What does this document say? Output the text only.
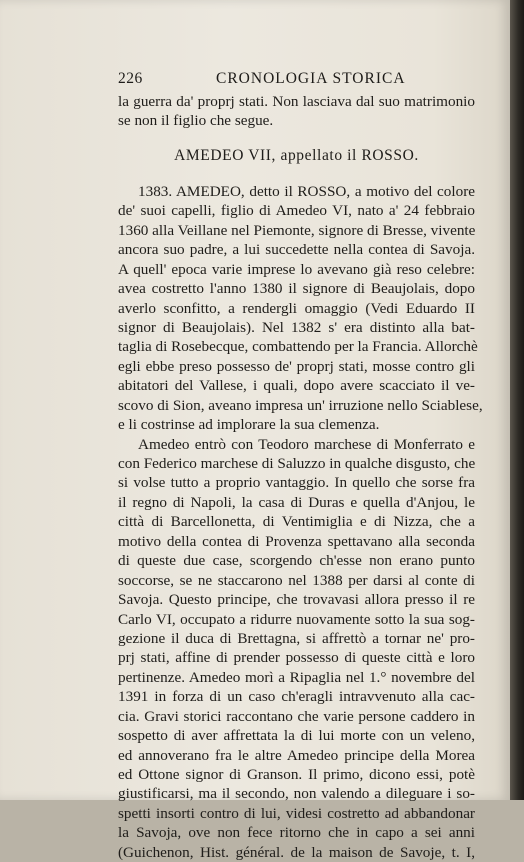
226	CRONOLOGIA STORICA
la guerra da' proprj stati. Non lasciava dal suo matrimonio
se non il figlio che segue.
AMEDEO VII, appellato il ROSSO.
1383. AMEDEO, detto il ROSSO, a motivo del colore
de' suoi capelli, figlio di Amedeo VI, nato a' 24 febbraio
1360 alla Veillane nel Piemonte, signore di Bresse, vivente
ancora suo padre, a lui succedette nella contea di Savoja.
A quell' epoca varie imprese lo avevano già reso celebre:
avea costretto l'anno 1380 il signore di Beaujolais, dopo
averlo sconfitto, a rendergli omaggio (Vedi Eduardo II
signor di Beaujolais). Nel 1382 s' era distinto alla bat-
taglia di Rosebecque, combattendo per la Francia. Allorchè
egli ebbe preso possesso de' proprj stati, mosse contro gli
abitatori del Vallese, i quali, dopo avere scacciato il ve-
scovo di Sion, aveano impresa un' irruzione nello Sciablese,
e li costrinse ad implorare la sua clemenza.
Amedeo entrò con Teodoro marchese di Monferrato e
con Federico marchese di Saluzzo in qualche disgusto, che
si volse tutto a proprio vantaggio. In quello che sorse fra
il regno di Napoli, la casa di Duras e quella d'Anjou, le
città di Barcellonetta, di Ventimiglia e di Nizza, che a
motivo della contea di Provenza spettavano alla seconda
di queste due case, scorgendo ch'esse non erano punto
soccorse, se ne staccarono nel 1388 per darsi al conte di
Savoja. Questo principe, che trovavasi allora presso il re
Carlo VI, occupato a ridurre nuovamente sotto la sua sog-
gezione il duca di Brettagna, si affrettò a tornar ne' pro-
prj stati, affine di prender possesso di queste città e loro
pertinenze. Amedeo morì a Ripaglia nel 1.° novembre del
1391 in forza di un caso ch'eragli intravvenuto alla cac-
cia. Gravi storici raccontano che varie persone caddero in
sospetto di aver affrettata la di lui morte con un veleno,
ed annoverano fra le altre Amedeo principe della Morea
ed Ottone signor di Granson. Il primo, dicono essi, potè
giustificarsi, ma il secondo, non valendo a dileguare i so-
spetti insorti contro di lui, videsi costretto ad abbandonar
la Savoja, ove non fece ritorno che in capo a sei anni
(Guichenon, Hist. général. de la maison de Savoje, t. I,
